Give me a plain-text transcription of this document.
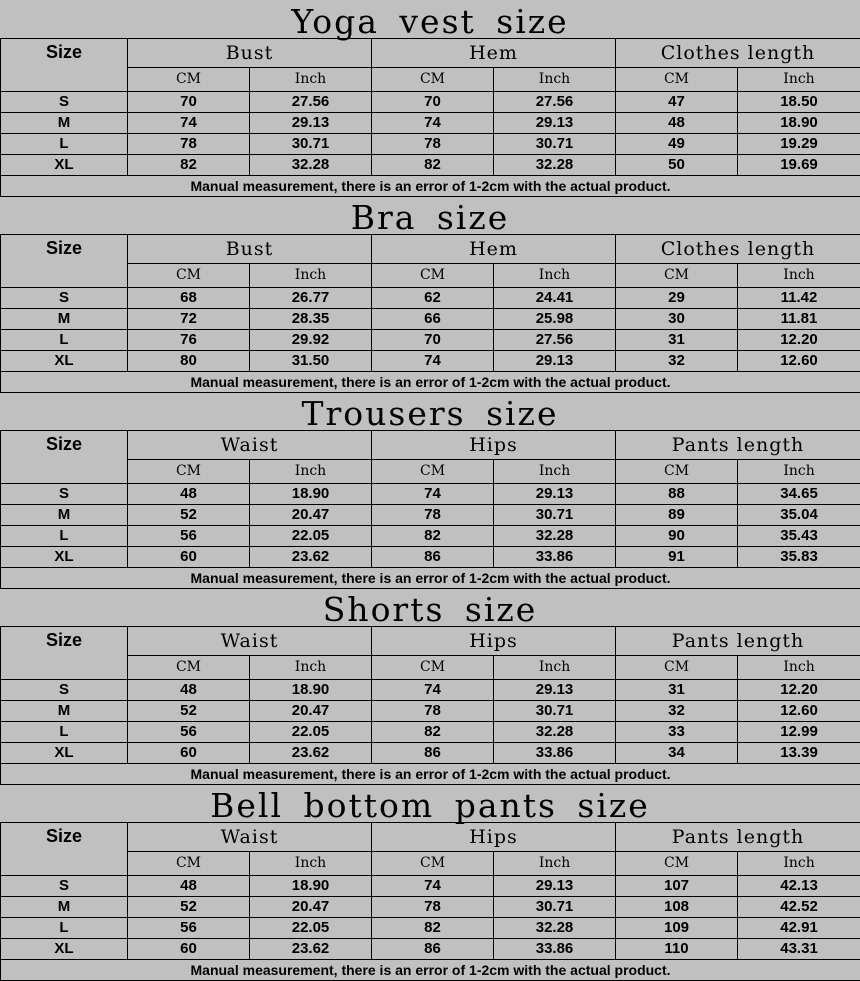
Yoga vest size
Size	Bust		Hem		Clothes length	
	CM	Inch	CM	Inch	CM	Inch
S	70	27.56	70	27.56	47	18.50
M	74	29.13	74	29.13	48	18.90
L	78	30.71	78	30.71	49	19.29
XL	82	32.28	82	32.28	50	19.69
Manual measurement, there is an error of 1-2cm with the actual product.						
Bra size
Size	Bust		Hem		Clothes length	
	CM	Inch	CM	Inch	CM	Inch
S	68	26.77	62	24.41	29	11.42
M	72	28.35	66	25.98	30	11.81
L	76	29.92	70	27.56	31	12.20
XL	80	31.50	74	29.13	32	12.60
Manual measurement, there is an error of 1-2cm with the actual product.						
Trousers size
Size	Waist		Hips		Pants length	
	CM	Inch	CM	Inch	CM	Inch
S	48	18.90	74	29.13	88	34.65
M	52	20.47	78	30.71	89	35.04
L	56	22.05	82	32.28	90	35.43
XL	60	23.62	86	33.86	91	35.83
Manual measurement, there is an error of 1-2cm with the actual product.						
Shorts size
Size	Waist		Hips		Pants length	
	CM	Inch	CM	Inch	CM	Inch
S	48	18.90	74	29.13	31	12.20
M	52	20.47	78	30.71	32	12.60
L	56	22.05	82	32.28	33	12.99
XL	60	23.62	86	33.86	34	13.39
Manual measurement, there is an error of 1-2cm with the actual product.						
Bell bottom pants size
Size	Waist		Hips		Pants length	
	CM	Inch	CM	Inch	CM	Inch
S	48	18.90	74	29.13	107	42.13
M	52	20.47	78	30.71	108	42.52
L	56	22.05	82	32.28	109	42.91
XL	60	23.62	86	33.86	110	43.31
Manual measurement, there is an error of 1-2cm with the actual product.						
